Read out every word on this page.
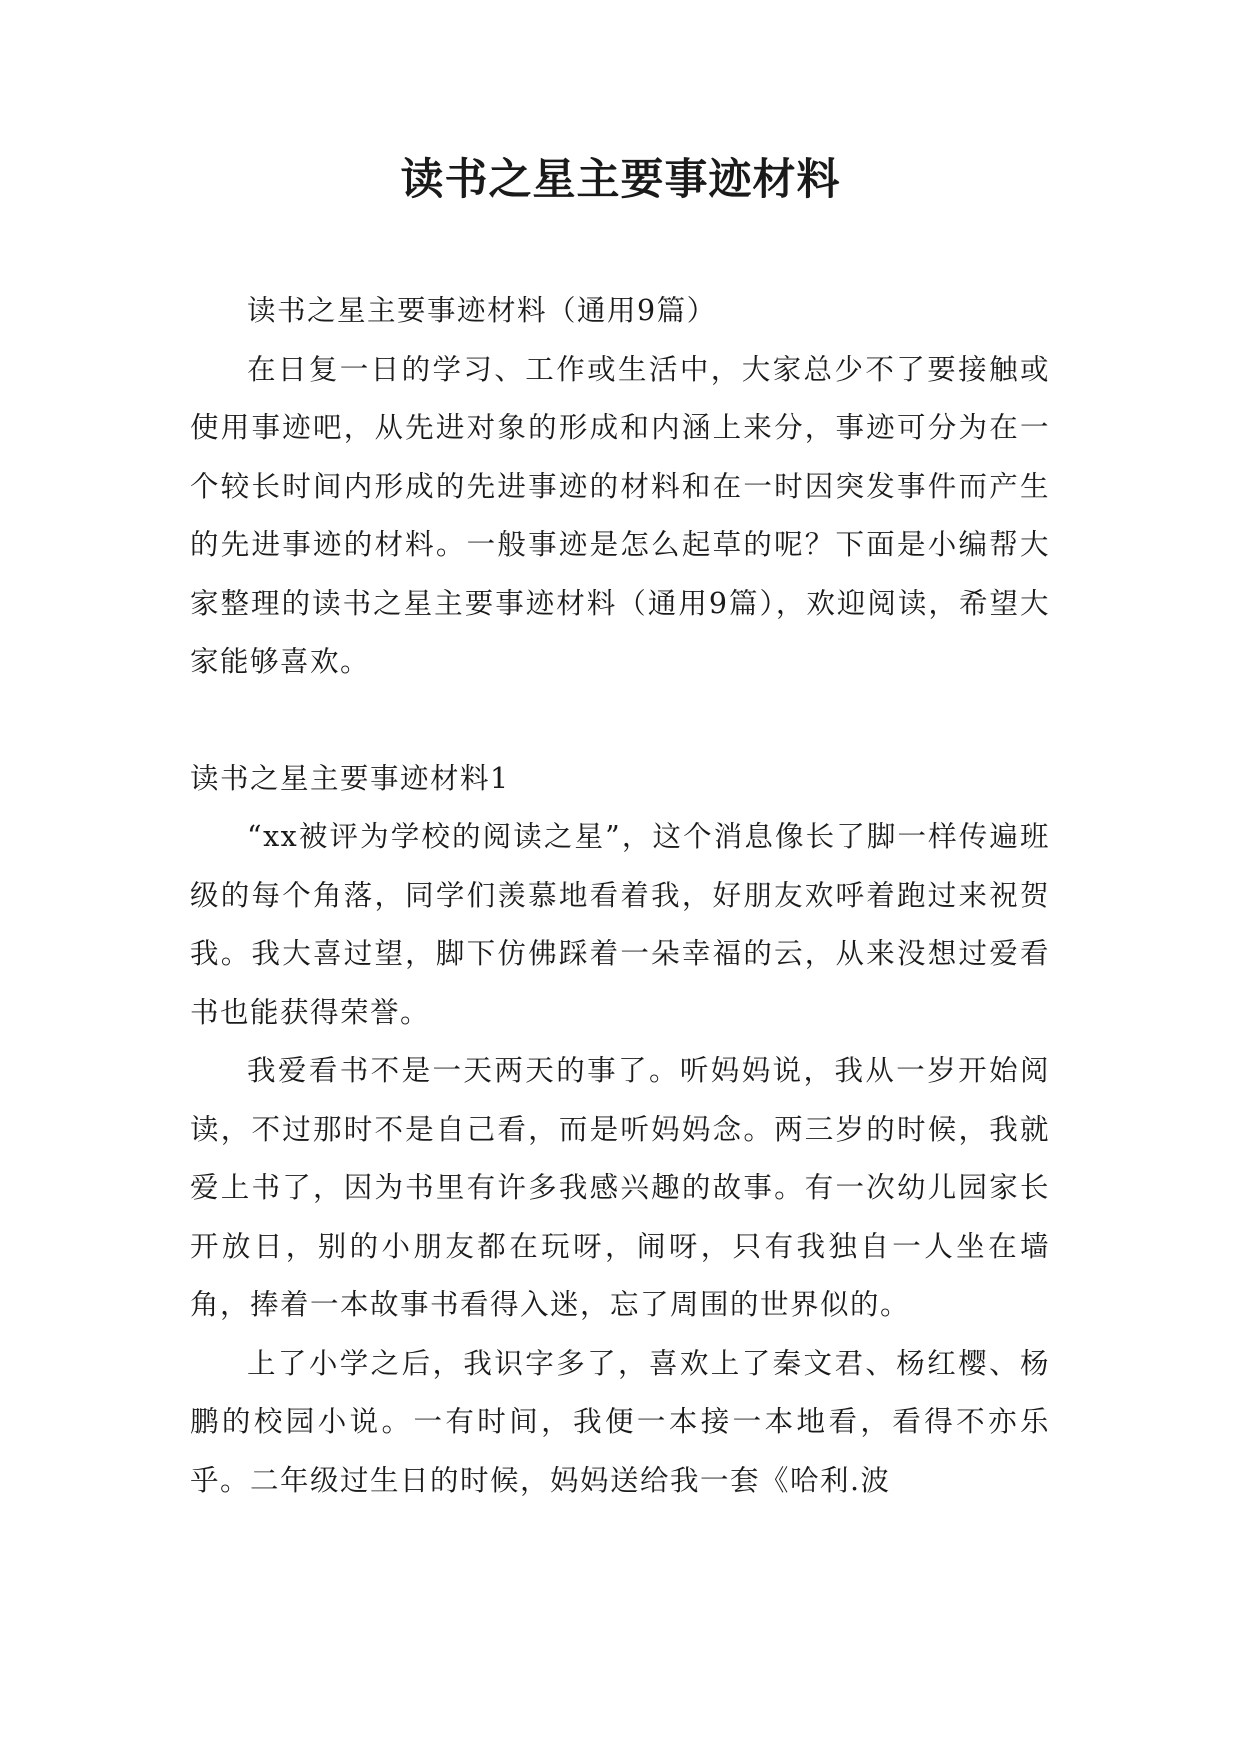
读书之星主要事迹材料

读书之星主要事迹材料（通用9篇）

在日复一日的学习、工作或生活中，大家总少不了要接触或使用事迹吧，从先进对象的形成和内涵上来分，事迹可分为在一个较长时间内形成的先进事迹的材料和在一时因突发事件而产生的先进事迹的材料。一般事迹是怎么起草的呢？下面是小编帮大家整理的读书之星主要事迹材料（通用9篇），欢迎阅读，希望大家能够喜欢。

读书之星主要事迹材料1

“xx被评为学校的阅读之星”，这个消息像长了脚一样传遍班级的每个角落，同学们羡慕地看着我，好朋友欢呼着跑过来祝贺我。我大喜过望，脚下仿佛踩着一朵幸福的云，从来没想过爱看书也能获得荣誉。

我爱看书不是一天两天的事了。听妈妈说，我从一岁开始阅读，不过那时不是自己看，而是听妈妈念。两三岁的时候，我就爱上书了，因为书里有许多我感兴趣的故事。有一次幼儿园家长开放日，别的小朋友都在玩呀，闹呀，只有我独自一人坐在墙角，捧着一本故事书看得入迷，忘了周围的世界似的。

上了小学之后，我识字多了，喜欢上了秦文君、杨红樱、杨鹏的校园小说。一有时间，我便一本接一本地看，看得不亦乐乎。二年级过生日的时候，妈妈送给我一套《哈利.波
